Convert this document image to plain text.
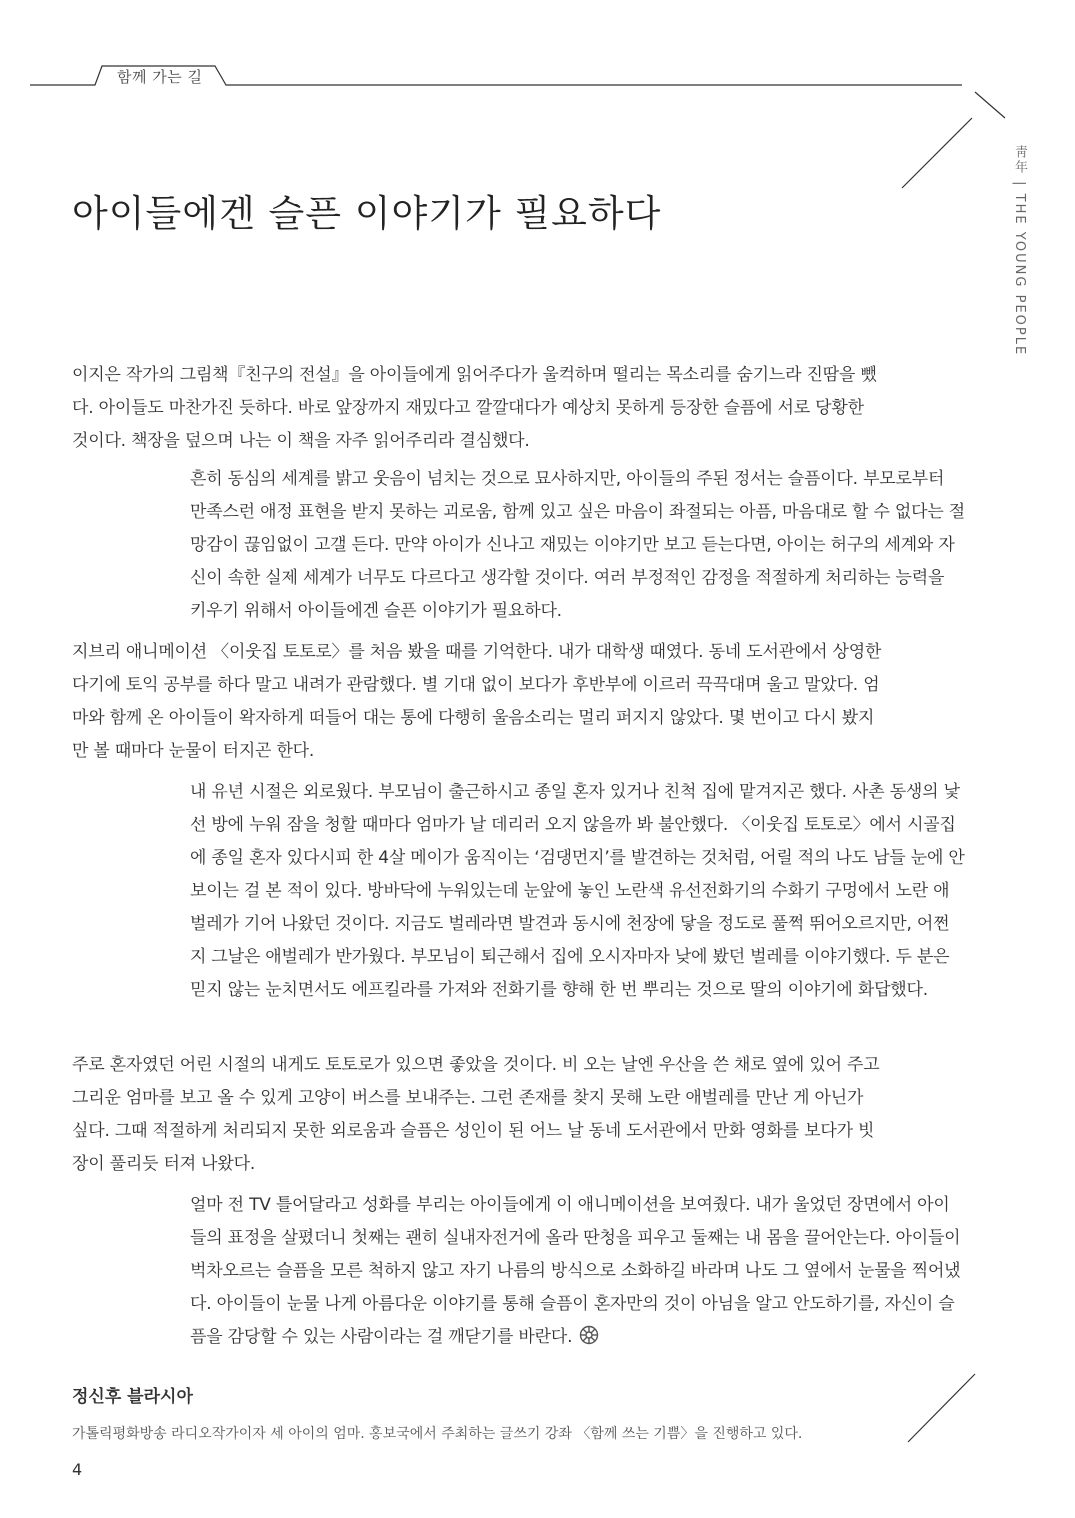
함께 가는 길
靑年 | THE YOUNG PEOPLE
아이들에겐 슬픈 이야기가 필요하다

이지은 작가의 그림책『친구의 전설』을 아이들에게 읽어주다가 울컥하며 떨리는 목소리를 숨기느라 진땀을 뺐다. 아이들도 마찬가진 듯하다. 바로 앞장까지 재밌다고 깔깔대다가 예상치 못하게 등장한 슬픔에 서로 당황한 것이다. 책장을 덮으며 나는 이 책을 자주 읽어주리라 결심했다.

흔히 동심의 세계를 밝고 웃음이 넘치는 것으로 묘사하지만, 아이들의 주된 정서는 슬픔이다. 부모로부터 만족스런 애정 표현을 받지 못하는 괴로움, 함께 있고 싶은 마음이 좌절되는 아픔, 마음대로 할 수 없다는 절망감이 끊임없이 고갤 든다. 만약 아이가 신나고 재밌는 이야기만 보고 듣는다면, 아이는 허구의 세계와 자신이 속한 실제 세계가 너무도 다르다고 생각할 것이다. 여러 부정적인 감정을 적절하게 처리하는 능력을 키우기 위해서 아이들에겐 슬픈 이야기가 필요하다.

지브리 애니메이션 〈이웃집 토토로〉를 처음 봤을 때를 기억한다. 내가 대학생 때였다. 동네 도서관에서 상영한다기에 토익 공부를 하다 말고 내려가 관람했다. 별 기대 없이 보다가 후반부에 이르러 끅끅대며 울고 말았다. 엄마와 함께 온 아이들이 왁자하게 떠들어 대는 통에 다행히 울음소리는 멀리 퍼지지 않았다. 몇 번이고 다시 봤지만 볼 때마다 눈물이 터지곤 한다.

내 유년 시절은 외로웠다. 부모님이 출근하시고 종일 혼자 있거나 친척 집에 맡겨지곤 했다. 사촌 동생의 낯선 방에 누워 잠을 청할 때마다 엄마가 날 데리러 오지 않을까 봐 불안했다. 〈이웃집 토토로〉에서 시골집에 종일 혼자 있다시피 한 4살 메이가 움직이는 ‘검댕먼지’를 발견하는 것처럼, 어릴 적의 나도 남들 눈에 안 보이는 걸 본 적이 있다. 방바닥에 누워있는데 눈앞에 놓인 노란색 유선전화기의 수화기 구멍에서 노란 애벌레가 기어 나왔던 것이다. 지금도 벌레라면 발견과 동시에 천장에 닿을 정도로 풀쩍 뛰어오르지만, 어쩐지 그날은 애벌레가 반가웠다. 부모님이 퇴근해서 집에 오시자마자 낮에 봤던 벌레를 이야기했다. 두 분은 믿지 않는 눈치면서도 에프킬라를 가져와 전화기를 향해 한 번 뿌리는 것으로 딸의 이야기에 화답했다.

주로 혼자였던 어린 시절의 내게도 토토로가 있으면 좋았을 것이다. 비 오는 날엔 우산을 쓴 채로 옆에 있어 주고 그리운 엄마를 보고 올 수 있게 고양이 버스를 보내주는. 그런 존재를 찾지 못해 노란 애벌레를 만난 게 아닌가 싶다. 그때 적절하게 처리되지 못한 외로움과 슬픔은 성인이 된 어느 날 동네 도서관에서 만화 영화를 보다가 빗장이 풀리듯 터져 나왔다.

얼마 전 TV 틀어달라고 성화를 부리는 아이들에게 이 애니메이션을 보여줬다. 내가 울었던 장면에서 아이들의 표정을 살폈더니 첫째는 괜히 실내자전거에 올라 딴청을 피우고 둘째는 내 몸을 끌어안는다. 아이들이 벅차오르는 슬픔을 모른 척하지 않고 자기 나름의 방식으로 소화하길 바라며 나도 그 옆에서 눈물을 찍어냈다. 아이들이 눈물 나게 아름다운 이야기를 통해 슬픔이 혼자만의 것이 아님을 알고 안도하기를, 자신이 슬픔을 감당할 수 있는 사람이라는 걸 깨닫기를 바란다.

정신후 블라시아
가톨릭평화방송 라디오작가이자 세 아이의 엄마. 홍보국에서 주최하는 글쓰기 강좌 〈함께 쓰는 기쁨〉을 진행하고 있다.
4
